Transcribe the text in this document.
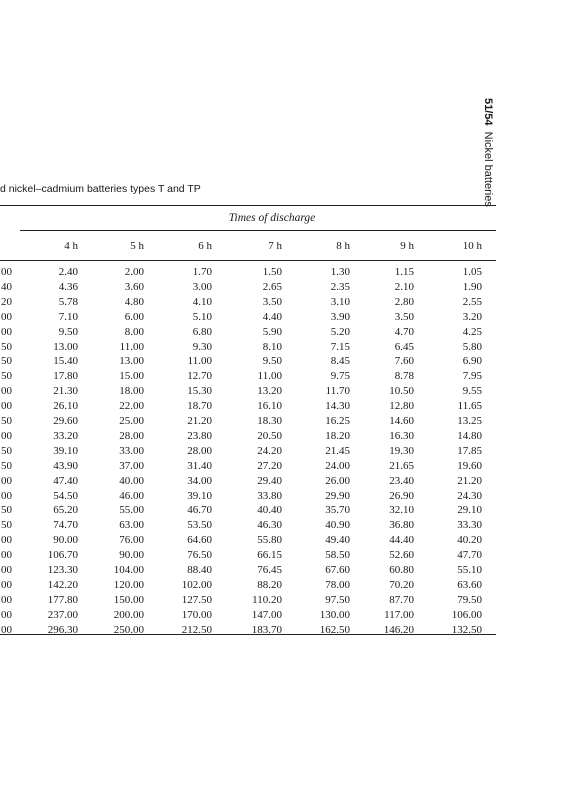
51/54  Nickel batteries
d nickel–cadmium batteries types T and TP
Times of discharge
4 h	5 h	6 h	7 h	8 h	9 h	10 h
00	2.40	2.00	1.70	1.50	1.30	1.15	1.05
40	4.36	3.60	3.00	2.65	2.35	2.10	1.90
20	5.78	4.80	4.10	3.50	3.10	2.80	2.55
00	7.10	6.00	5.10	4.40	3.90	3.50	3.20
00	9.50	8.00	6.80	5.90	5.20	4.70	4.25
50	13.00	11.00	9.30	8.10	7.15	6.45	5.80
50	15.40	13.00	11.00	9.50	8.45	7.60	6.90
50	17.80	15.00	12.70	11.00	9.75	8.78	7.95
00	21.30	18.00	15.30	13.20	11.70	10.50	9.55
00	26.10	22.00	18.70	16.10	14.30	12.80	11.65
50	29.60	25.00	21.20	18.30	16.25	14.60	13.25
00	33.20	28.00	23.80	20.50	18.20	16.30	14.80
50	39.10	33.00	28.00	24.20	21.45	19.30	17.85
50	43.90	37.00	31.40	27.20	24.00	21.65	19.60
00	47.40	40.00	34.00	29.40	26.00	23.40	21.20
00	54.50	46.00	39.10	33.80	29.90	26.90	24.30
50	65.20	55.00	46.70	40.40	35.70	32.10	29.10
50	74.70	63.00	53.50	46.30	40.90	36.80	33.30
00	90.00	76.00	64.60	55.80	49.40	44.40	40.20
00	106.70	90.00	76.50	66.15	58.50	52.60	47.70
00	123.30	104.00	88.40	76.45	67.60	60.80	55.10
00	142.20	120.00	102.00	88.20	78.00	70.20	63.60
00	177.80	150.00	127.50	110.20	97.50	87.70	79.50
00	237.00	200.00	170.00	147.00	130.00	117.00	106.00
00	296.30	250.00	212.50	183.70	162.50	146.20	132.50
